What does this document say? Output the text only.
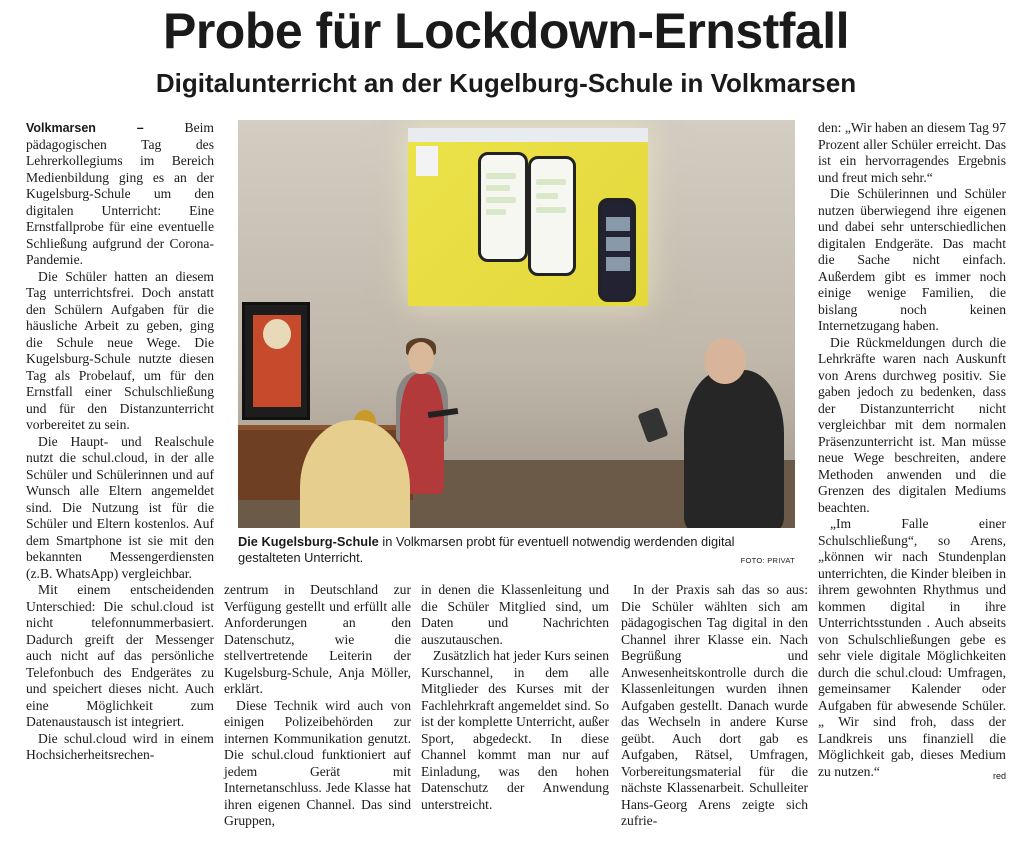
Probe für Lockdown-Ernstfall
Digitalunterricht an der Kugelburg-Schule in Volkmarsen

Volkmarsen – Beim pädagogischen Tag des Lehrerkollegiums im Bereich Medienbildung ging es an der Kugelsburg-Schule um den digitalen Unterricht: Eine Ernstfallprobe für eine eventuelle Schließung aufgrund der Corona-Pandemie.

Die Schüler hatten an diesem Tag unterrichtsfrei. Doch anstatt den Schülern Aufgaben für die häusliche Arbeit zu geben, ging die Schule neue Wege. Die Kugelsburg-Schule nutzte diesen Tag als Probelauf, um für den Ernstfall einer Schulschließung und für den Distanzunterricht vorbereitet zu sein.

Die Haupt- und Realschule nutzt die schul.cloud, in der alle Schüler und Schülerinnen und auf Wunsch alle Eltern angemeldet sind. Die Nutzung ist für die Schüler und Eltern kostenlos. Auf dem Smartphone ist sie mit den bekannten Messengerdiensten (z.B. WhatsApp) vergleichbar.

Mit einem entscheidenden Unterschied: Die schul.cloud ist nicht telefonnummerbasiert. Dadurch greift der Messenger auch nicht auf das persönliche Telefonbuch des Endgerätes zu und speichert dieses nicht. Auch eine Möglichkeit zum Datenaustausch ist integriert.

Die schul.cloud wird in einem Hochsicherheitsrechen-

Die Kugelsburg-Schule in Volkmarsen probt für eventuell notwendig werdenden digital gestalteten Unterricht.	FOTO: PRIVAT

zentrum in Deutschland zur Verfügung gestellt und erfüllt alle Anforderungen an den Datenschutz, wie die stellvertretende Leiterin der Kugelsburg-Schule, Anja Möller, erklärt.

Diese Technik wird auch von einigen Polizeibehörden zur internen Kommunikation genutzt. Die schul.cloud funktioniert auf jedem Gerät mit Internetanschluss. Jede Klasse hat ihren eigenen Channel. Das sind Gruppen,

in denen die Klassenleitung und die Schüler Mitglied sind, um Daten und Nachrichten auszutauschen.

Zusätzlich hat jeder Kurs seinen Kurschannel, in dem alle Mitglieder des Kurses mit der Fachlehrkraft angemeldet sind. So ist der komplette Unterricht, außer Sport, abgedeckt. In diese Channel kommt man nur auf Einladung, was den hohen Datenschutz der Anwendung unterstreicht.

In der Praxis sah das so aus: Die Schüler wählten sich am pädagogischen Tag digital in den Channel ihrer Klasse ein. Nach Begrüßung und Anwesenheitskontrolle durch die Klassenleitungen wurden ihnen Aufgaben gestellt. Danach wurde das Wechseln in andere Kurse geübt. Auch dort gab es Aufgaben, Rätsel, Umfragen, Vorbereitungsmaterial für die nächste Klassenarbeit. Schulleiter Hans-Georg Arens zeigte sich zufrie-

den: „Wir haben an diesem Tag 97 Prozent aller Schüler erreicht. Das ist ein hervorragendes Ergebnis und freut mich sehr.“

Die Schülerinnen und Schüler nutzen überwiegend ihre eigenen und dabei sehr unterschiedlichen digitalen Endgeräte. Das macht die Sache nicht einfach. Außerdem gibt es immer noch einige wenige Familien, die bislang noch keinen Internetzugang haben.

Die Rückmeldungen durch die Lehrkräfte waren nach Auskunft von Arens durchweg positiv. Sie gaben jedoch zu bedenken, dass der Distanzunterricht nicht vergleichbar mit dem normalen Präsenzunterricht ist. Man müsse neue Wege beschreiten, andere Methoden anwenden und die Grenzen des digitalen Mediums beachten.

„Im Falle einer Schulschließung“, so Arens, „können wir nach Stundenplan unterrichten, die Kinder bleiben in ihrem gewohnten Rhythmus und kommen digital in ihre Unterrichtsstunden . Auch abseits von Schulschließungen gebe es sehr viele digitale Möglichkeiten durch die schul.cloud: Umfragen, gemeinsamer Kalender oder Aufgaben für abwesende Schüler. „ Wir sind froh, dass der Landkreis uns finanziell die Möglichkeit gab, dieses Medium zu nutzen.“	red
